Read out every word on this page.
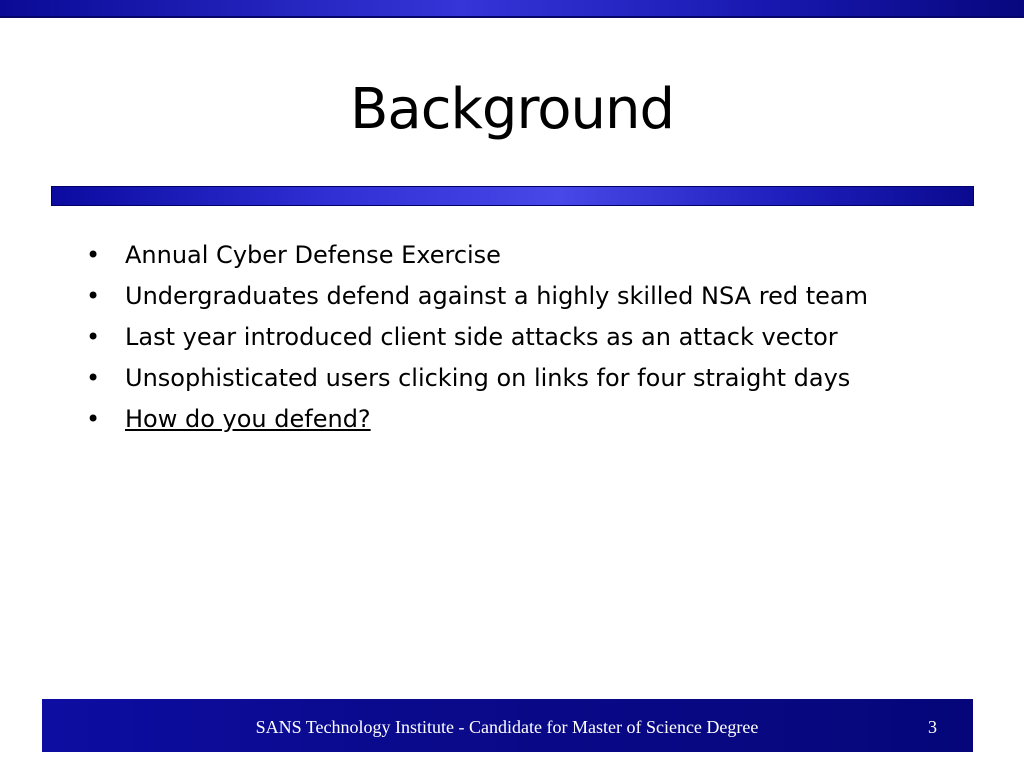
Background
•	Annual Cyber Defense Exercise
•	Undergraduates defend against a highly skilled NSA red team
•	Last year introduced client side attacks as an attack vector
•	Unsophisticated users clicking on links for four straight days
•	How do you defend?
SANS Technology Institute - Candidate for Master of Science Degree	3
